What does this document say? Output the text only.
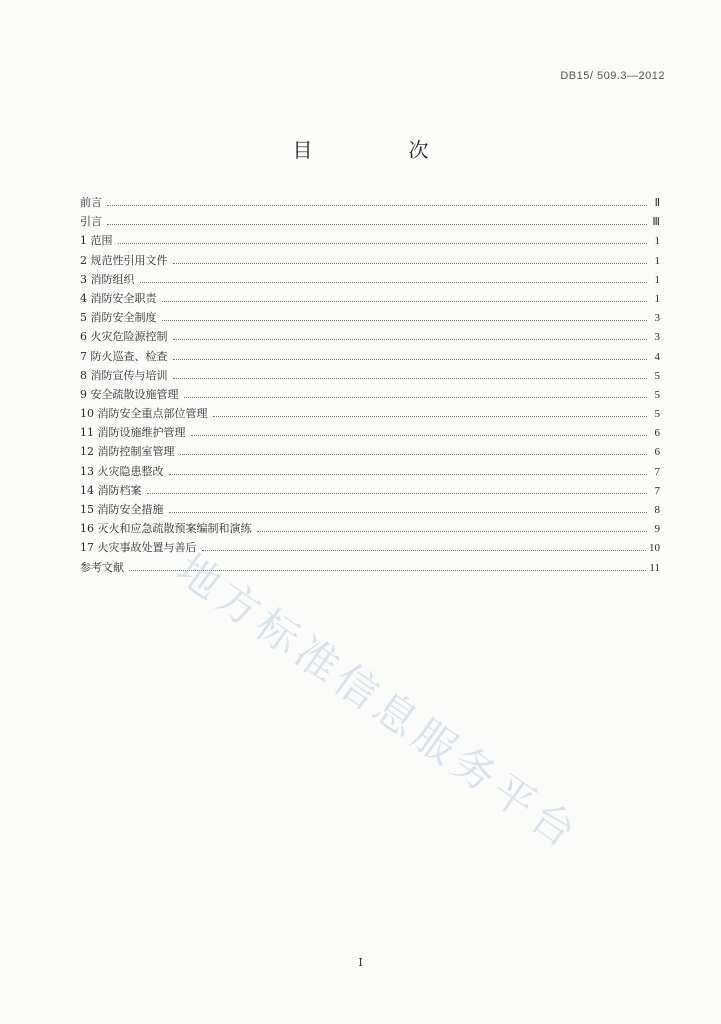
DB15/ 509.3—2012
目　次
前言	Ⅱ
引言	Ⅲ
1 范围	1
2 规范性引用文件	1
3 消防组织	1
4 消防安全职责	1
5 消防安全制度	3
6 火灾危险源控制	3
7 防火巡查、检查	4
8 消防宣传与培训	5
9 安全疏散设施管理	5
10 消防安全重点部位管理	5
11 消防设施维护管理	6
12 消防控制室管理	6
13 火灾隐患整改	7
14 消防档案	7
15 消防安全措施	8
16 灭火和应急疏散预案编制和演练	9
17 火灾事故处置与善后	10
参考文献	11
地方标准信息服务平台
I
